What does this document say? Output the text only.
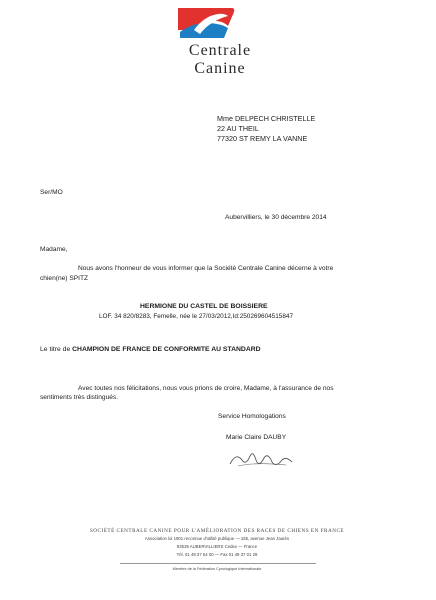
Centrale
Canine
Mme DELPECH CHRISTELLE
22 AU THEIL
77320 ST REMY LA VANNE
Ser/MO
Aubervilliers, le 30 décembre 2014
Madame,
Nous avons l'honneur de vous informer que la Société Centrale Canine décerne à votre
chien(ne) SPITZ
HERMIONE DU CASTEL DE BOISSIERE
LOF. 34 820/8283, Femelle, née le 27/03/2012,Id:250269604515847
Le titre de CHAMPION DE FRANCE DE CONFORMITE AU STANDARD
Avec toutes nos félicitations, nous vous prions de croire, Madame, à l'assurance de nos
sentiments très distingués.
Service Homologations
Marie Claire DAUBY
SOCIÉTÉ CENTRALE CANINE POUR L'AMÉLIORATION DES RACES DE CHIENS EN FRANCE
Association loi 1901 reconnue d'utilité publique — 155, avenue Jean Jaurès
93535 AUBERVILLIERS Cedex — France
Tél. 01 49 37 54 00 — Fax 01 49 37 01 28
Membre de la Fédération Cynologique Internationale
